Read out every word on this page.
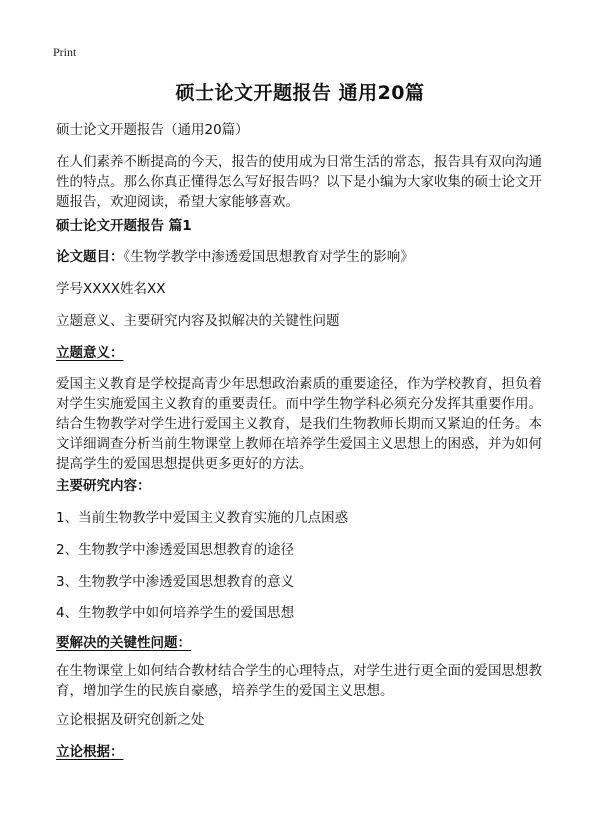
Print
硕士论文开题报告 通用20篇
硕士论文开题报告（通用20篇）
在人们素养不断提高的今天，报告的使用成为日常生活的常态，报告具有双向沟通性的特点。那么你真正懂得怎么写好报告吗？以下是小编为大家收集的硕士论文开题报告，欢迎阅读，希望大家能够喜欢。
硕士论文开题报告 篇1
论文题目：《生物学教学中渗透爱国思想教育对学生的影响》
学号XXXX姓名XX
立题意义、主要研究内容及拟解决的关键性问题
立题意义：
爱国主义教育是学校提高青少年思想政治素质的重要途径，作为学校教育，担负着对学生实施爱国主义教育的重要责任。而中学生物学科必须充分发挥其重要作用。结合生物教学对学生进行爱国主义教育，是我们生物教师长期而又紧迫的任务。本文详细调查分析当前生物课堂上教师在培养学生爱国主义思想上的困惑，并为如何提高学生的爱国思想提供更多更好的方法。
主要研究内容：
1、当前生物教学中爱国主义教育实施的几点困惑
2、生物教学中渗透爱国思想教育的途径
3、生物教学中渗透爱国思想教育的意义
4、生物教学中如何培养学生的爱国思想
要解决的关键性问题：
在生物课堂上如何结合教材结合学生的心理特点，对学生进行更全面的爱国思想教育，增加学生的民族自豪感，培养学生的爱国主义思想。
立论根据及研究创新之处
立论根据：
